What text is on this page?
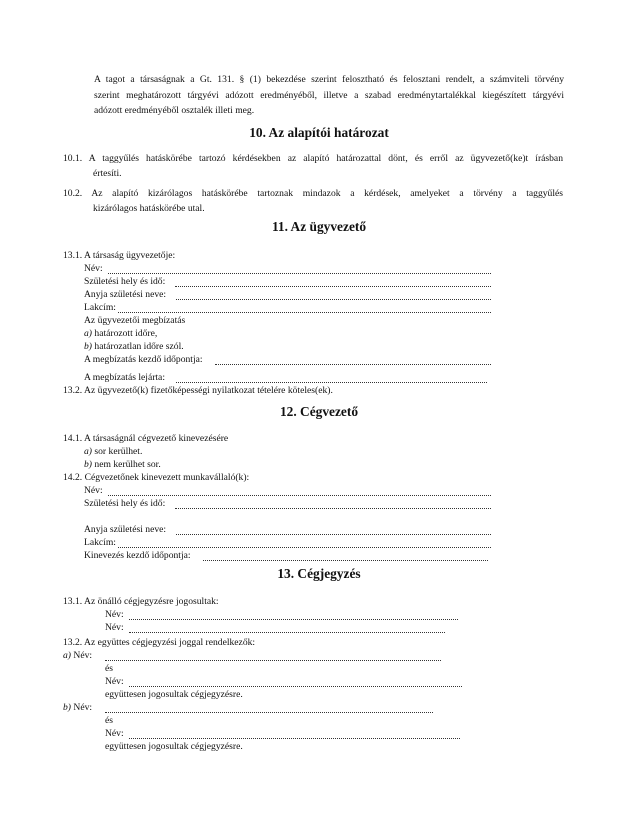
A tagot a társaságnak a Gt. 131. § (1) bekezdése szerint felosztható és felosztani rendelt, a számviteli törvény
szerint meghatározott tárgyévi adózott eredményéből, illetve a szabad eredménytartalékkal kiegészített tárgyévi
adózott eredményéből osztalék illeti meg.
10. Az alapítói határozat
10.1. A taggyűlés hatáskörébe tartozó kérdésekben az alapító határozattal dönt, és erről az ügyvezető(ke)t írásban
értesíti.
10.2. Az alapító kizárólagos hatáskörébe tartoznak mindazok a kérdések, amelyeket a törvény a taggyűlés
kizárólagos hatáskörébe utal.
11. Az ügyvezető
13.1. A társaság ügyvezetője:
Név:
Születési hely és idő:
Anyja születési neve:
Lakcím:
Az ügyvezetői megbízatás
a) határozott időre,
b) határozatlan időre szól.
A megbízatás kezdő időpontja:
A megbízatás lejárta:
13.2. Az ügyvezető(k) fizetőképességi nyilatkozat tételére köteles(ek).
12. Cégvezető
14.1. A társaságnál cégvezető kinevezésére
a) sor kerülhet.
b) nem kerülhet sor.
14.2. Cégvezetőnek kinevezett munkavállaló(k):
Név:
Születési hely és idő:
Anyja születési neve:
Lakcím:
Kinevezés kezdő időpontja:
13. Cégjegyzés
13.1. Az önálló cégjegyzésre jogosultak:
Név:
Név:
13.2. Az együttes cégjegyzési joggal rendelkezők:
a) Név:
és
Név:
együttesen jogosultak cégjegyzésre.
b) Név:
és
Név:
együttesen jogosultak cégjegyzésre.
